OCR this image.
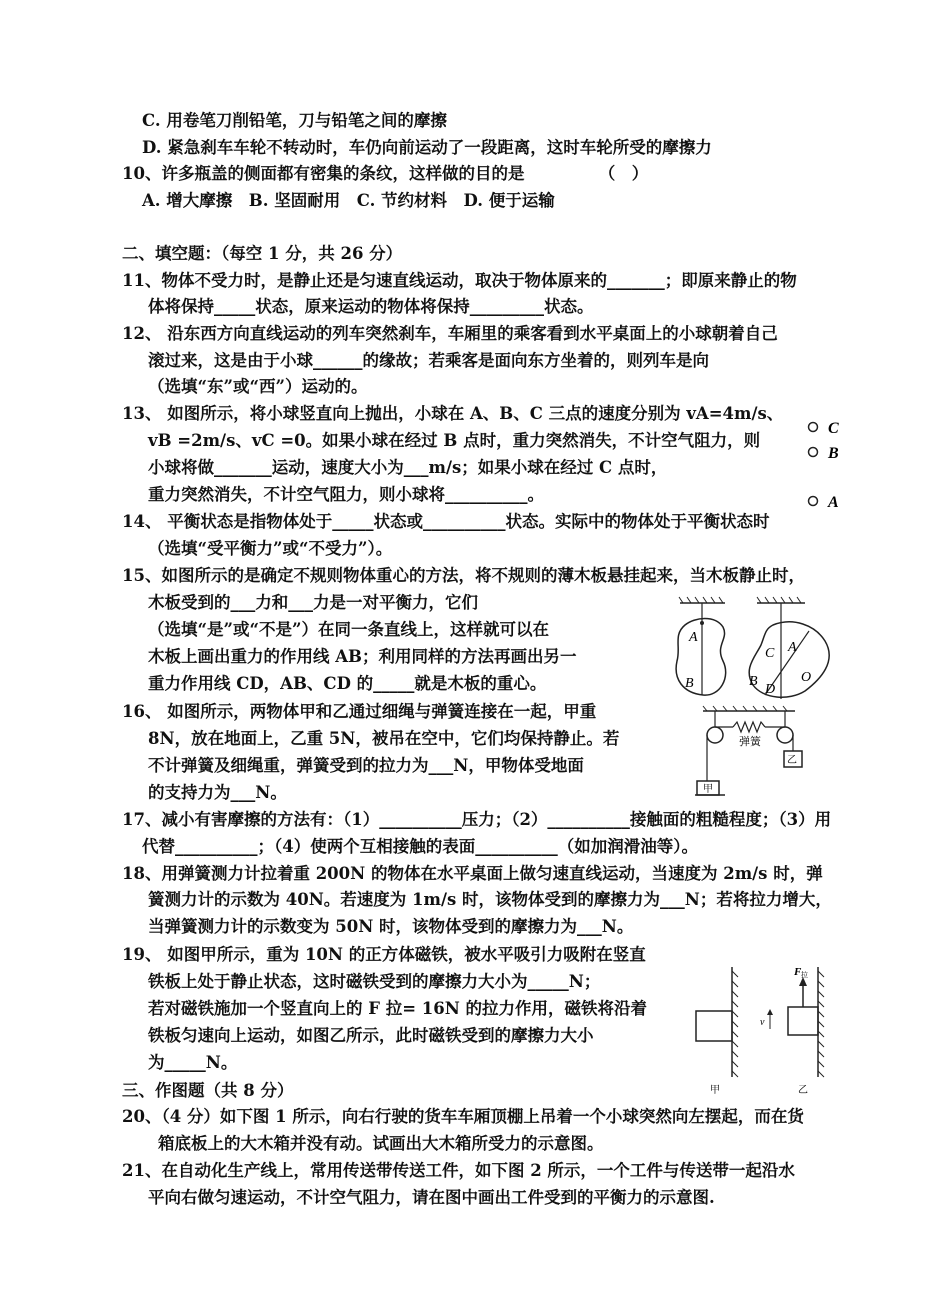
C. 用卷笔刀削铅笔，刀与铅笔之间的摩擦
D. 紧急刹车车轮不转动时，车仍向前运动了一段距离，这时车轮所受的摩擦力
10、许多瓶盖的侧面都有密集的条纹，这样做的目的是　　　　　（　）
A. 增大摩擦　B. 坚固耐用　C. 节约材料　D. 便于运输
二、填空题：（每空 1 分，共 26 分）
11、物体不受力时，是静止还是匀速直线运动，取决于物体原来的_______；即原来静止的物
体将保持_____状态，原来运动的物体将保持_________状态。
12、 沿东西方向直线运动的列车突然刹车，车厢里的乘客看到水平桌面上的小球朝着自己
滚过来，这是由于小球______的缘故；若乘客是面向东方坐着的，则列车是向
（选填“东”或“西”）运动的。
13、 如图所示，将小球竖直向上抛出，小球在 A、B、C 三点的速度分别为 vA=4m/s、
vB =2m/s、vC =0。如果小球在经过 B 点时，重力突然消失，不计空气阻力，则
小球将做_______运动，速度大小为___m/s；如果小球在经过 C 点时，
重力突然消失，不计空气阻力，则小球将__________。
14、 平衡状态是指物体处于_____状态或__________状态。实际中的物体处于平衡状态时
（选填“受平衡力”或“不受力”）。
15、如图所示的是确定不规则物体重心的方法，将不规则的薄木板悬挂起来，当木板静止时，
木板受到的___力和___力是一对平衡力，它们
（选填“是”或“不是”）在同一条直线上，这样就可以在
木板上画出重力的作用线 AB；利用同样的方法再画出另一
重力作用线 CD，AB、CD 的_____就是木板的重心。
16、 如图所示，两物体甲和乙通过细绳与弹簧连接在一起，甲重
8N，放在地面上，乙重 5N，被吊在空中，它们均保持静止。若
不计弹簧及细绳重，弹簧受到的拉力为___N，甲物体受地面
的支持力为___N。
17、减小有害摩擦的方法有：（1）__________压力；（2）__________接触面的粗糙程度；（3）用
代替__________；（4）使两个互相接触的表面__________（如加润滑油等）。
18、用弹簧测力计拉着重 200N 的物体在水平桌面上做匀速直线运动，当速度为 2m/s 时，弹
簧测力计的示数为 40N。若速度为 1m/s 时，该物体受到的摩擦力为___N；若将拉力增大，
当弹簧测力计的示数变为 50N 时，该物体受到的摩擦力为___N。
19、 如图甲所示，重为 10N 的正方体磁铁，被水平吸引力吸附在竖直
铁板上处于静止状态，这时磁铁受到的摩擦力大小为_____N；
若对磁铁施加一个竖直向上的 F 拉= 16N 的拉力作用，磁铁将沿着
铁板匀速向上运动，如图乙所示，此时磁铁受到的摩擦力大小
为_____N。
三、作图题（共 8 分）
20、（4 分）如下图 1 所示，向右行驶的货车车厢顶棚上吊着一个小球突然向左摆起，而在货
箱底板上的大木箱并没有动。试画出大木箱所受力的示意图。
21、在自动化生产线上，常用传送带传送工件，如下图 2 所示，一个工件与传送带一起沿水
平向右做匀速运动，不计空气阻力，请在图中画出工件受到的平衡力的示意图.
C
B
A
A
B
C A
B
D
O
弹簧
甲
乙
甲
F 拉
v
乙
